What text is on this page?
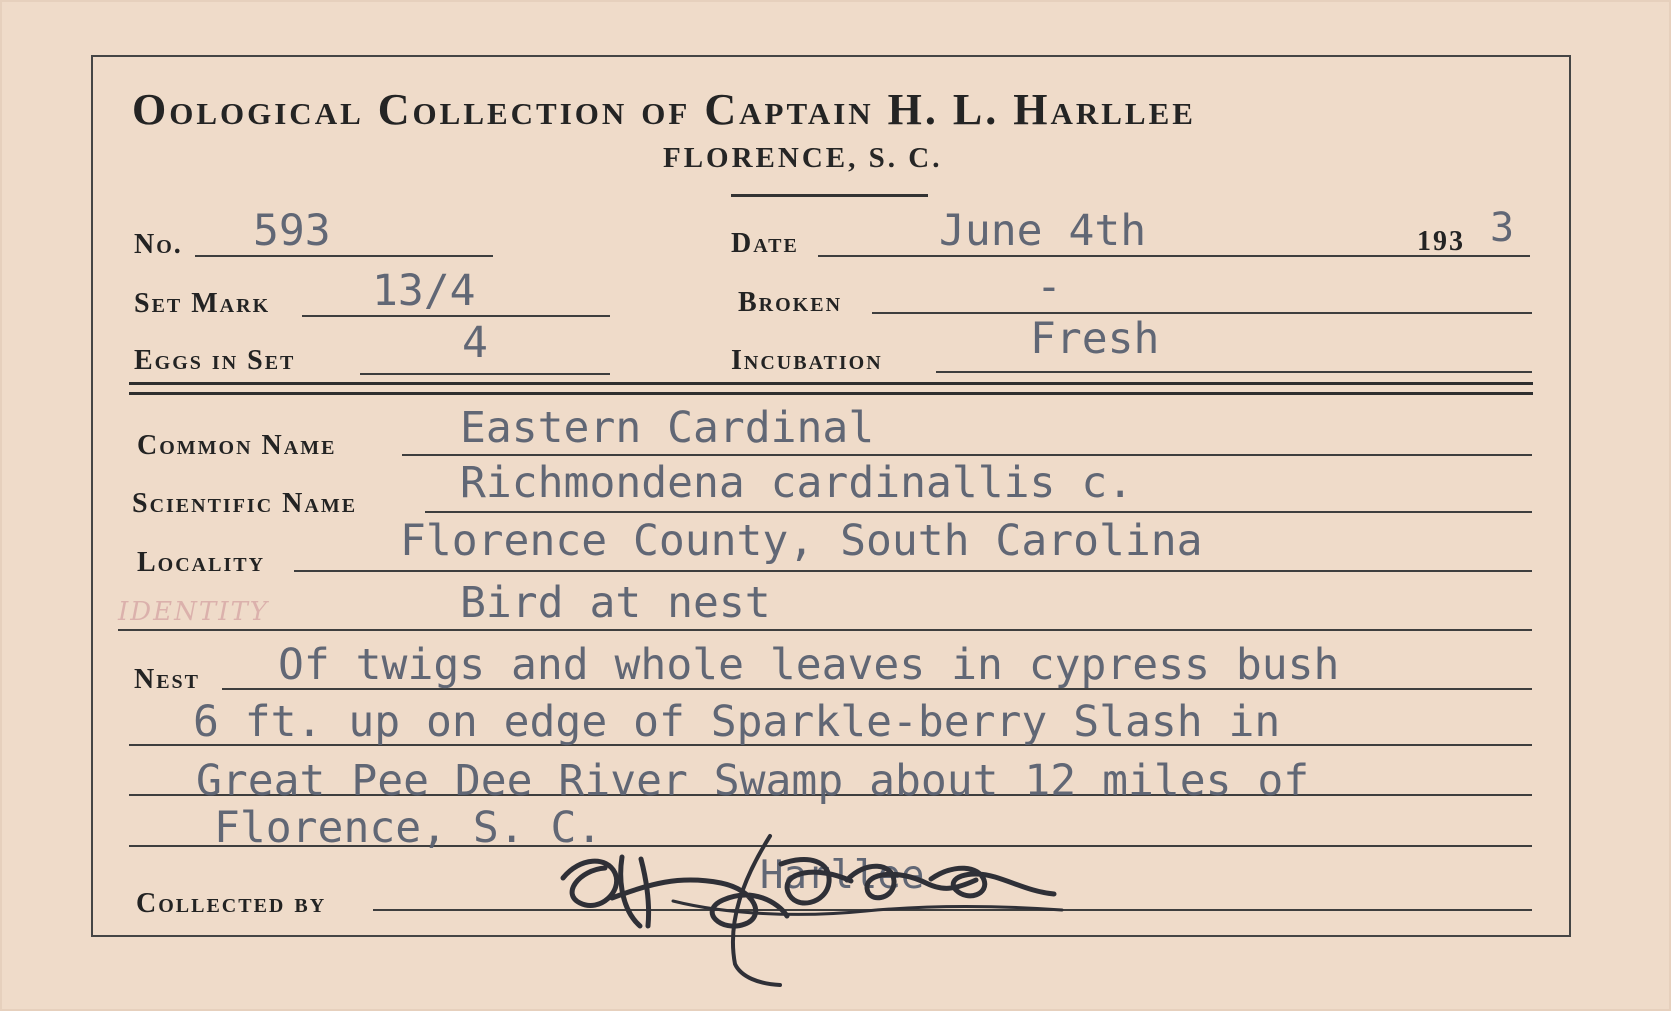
Oological Collection of Captain H. L. Harllee
FLORENCE, S. C.
No. 593	Date	June 4th	193 3
Set Mark 13/4	Broken	-
Eggs in Set	4	Incubation	Fresh
Common Name	Eastern Cardinal
Scientific Name Richmondena cardinallis c.
Locality	Florence County, South Carolina
IDENTITY	Bird at nest
Nest Of twigs and whole leaves in cypress bush
6 ft. up on edge of Sparkle-berry Slash in
Great Pee Dee River Swamp about 12 miles of
Florence, S. C.
Collected by
Harllee
